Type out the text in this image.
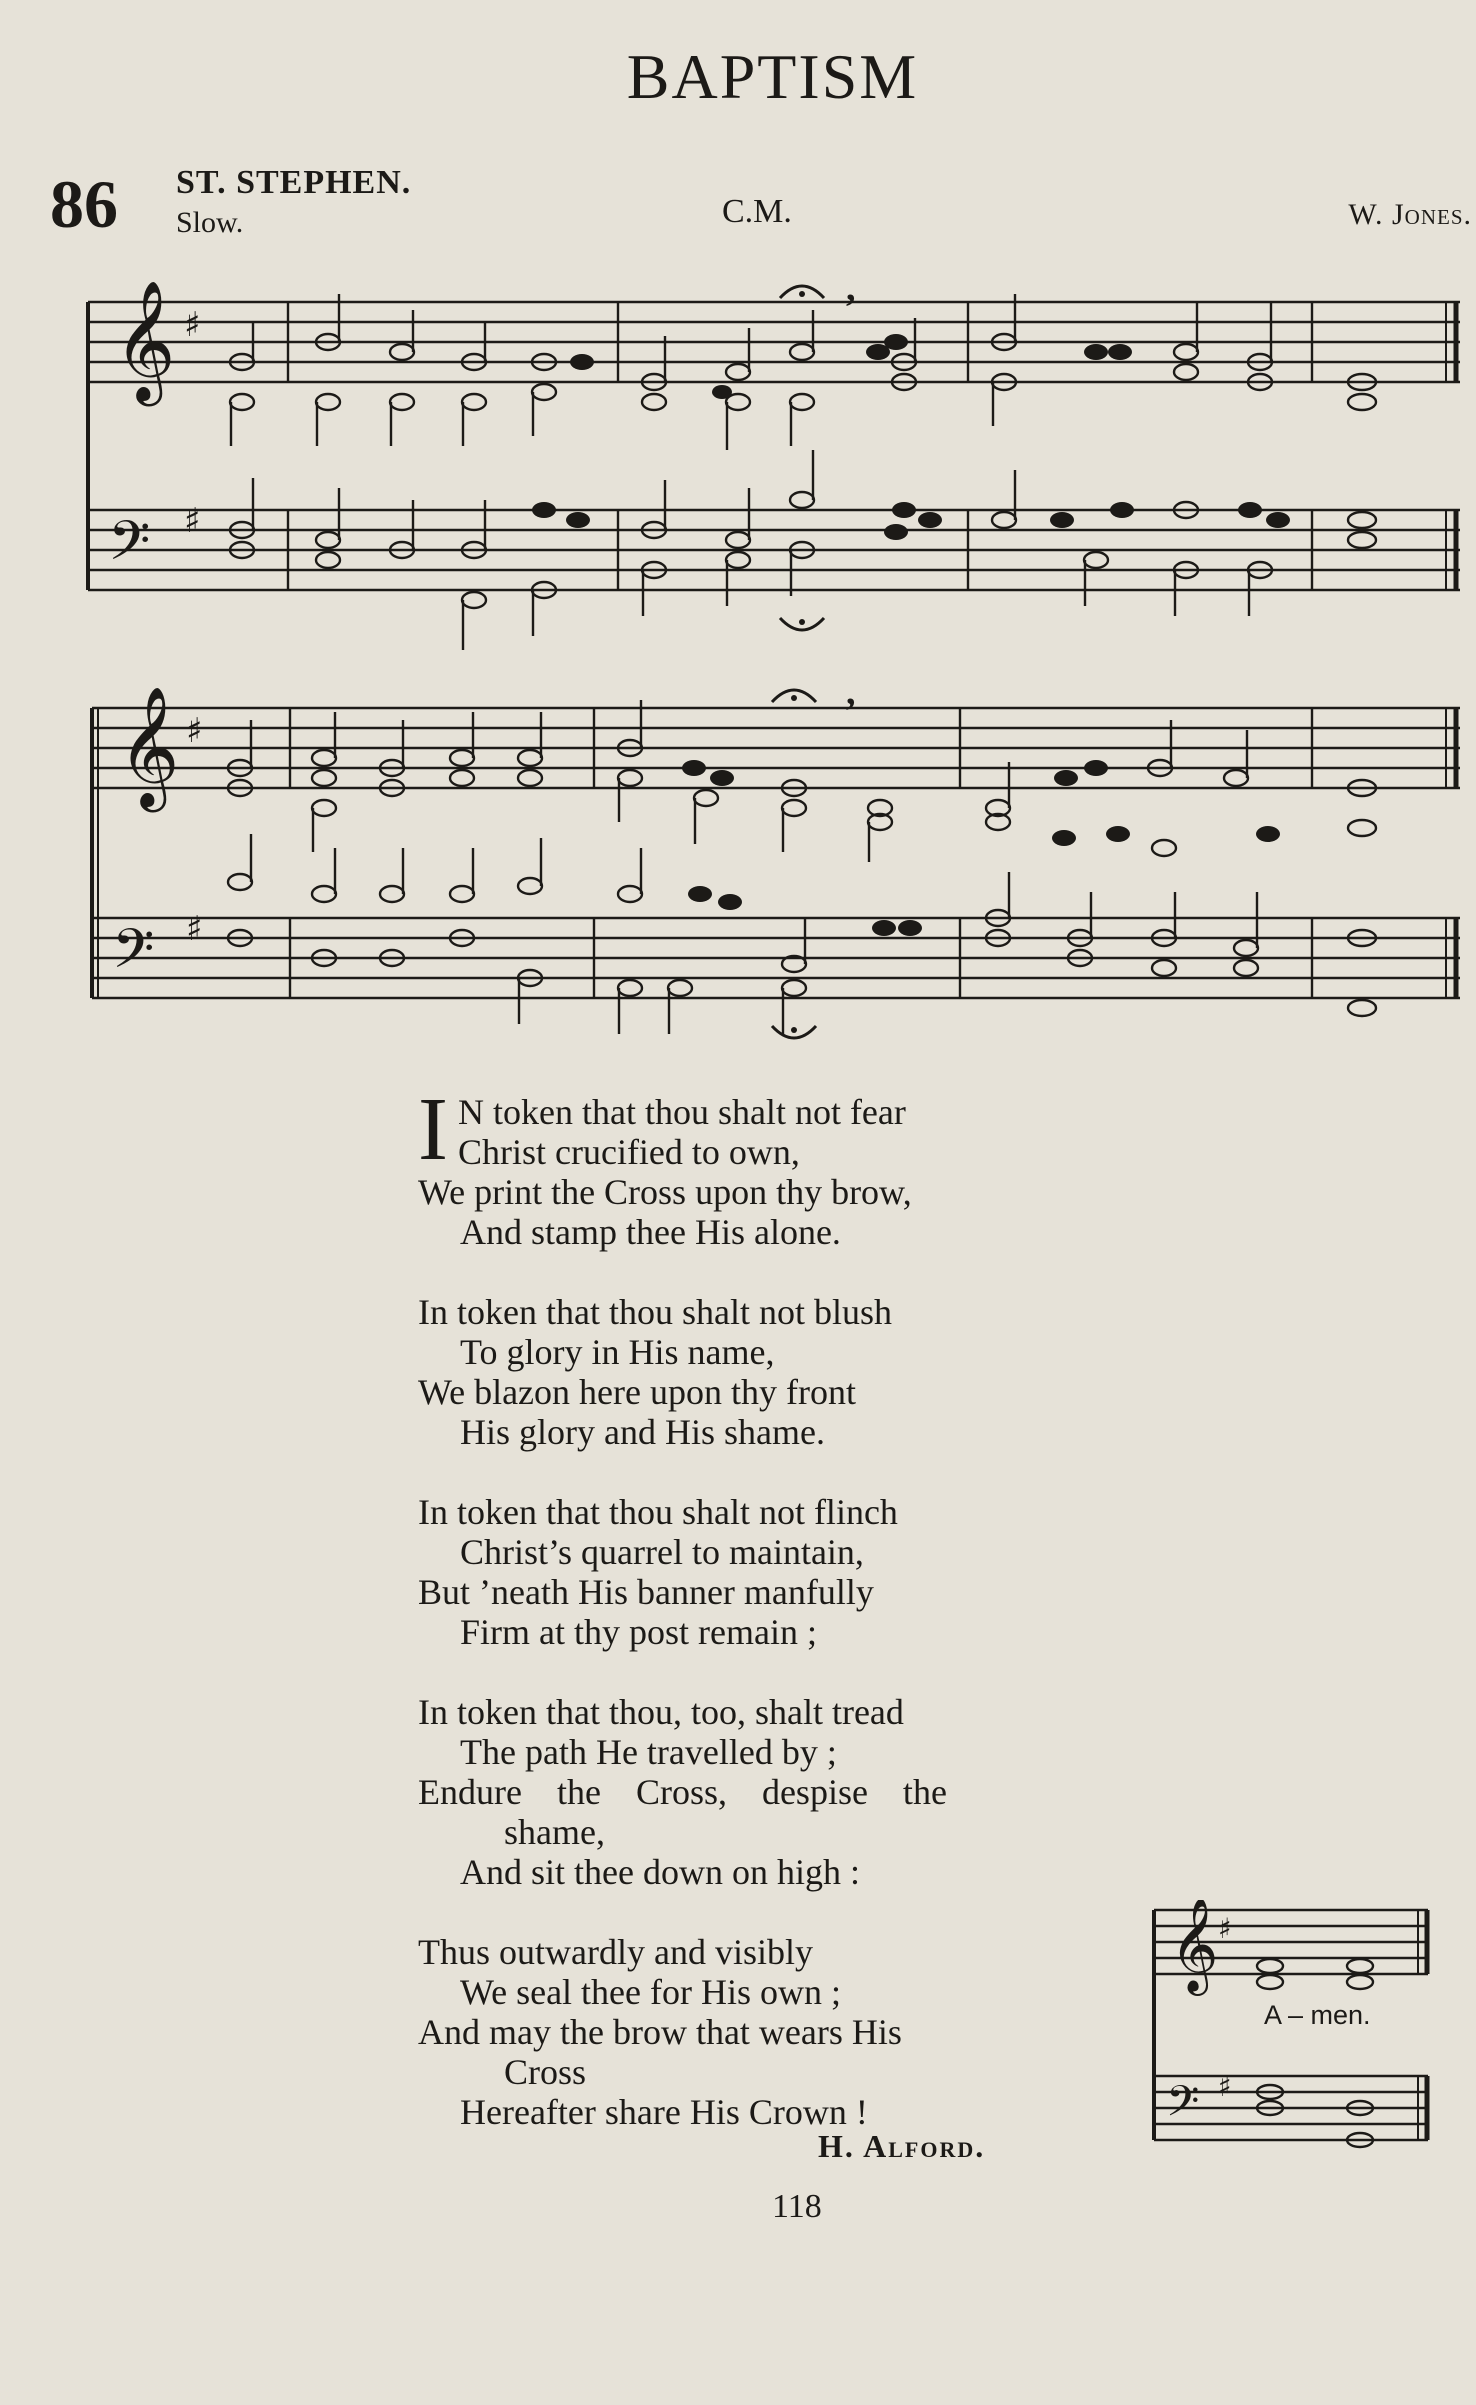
BAPTISM
86 ST. STEPHEN.
Slow.	C.M.	W. Jones.
𝄞 ♯
𝄢 ♯
,
𝄞 ♯
𝄢 ♯
,
I N token that thou shalt not fear
Christ crucified to own,
We print the Cross upon thy brow,
And stamp thee His alone.
In token that thou shalt not blush
To glory in His name,
We blazon here upon thy front
His glory and His shame.
In token that thou shalt not flinch
Christ’s quarrel to maintain,
But ’neath His banner manfully
Firm at thy post remain ;
In token that thou, too, shalt tread
The path He travelled by ;
Endure the Cross, despise the
shame,
And sit thee down on high :
Thus outwardly and visibly
We seal thee for His own ;
And may the brow that wears His
Cross
Hereafter share His Crown !
H. Alford.
118
𝄞 ♯
𝄢 ♯
A – men.
